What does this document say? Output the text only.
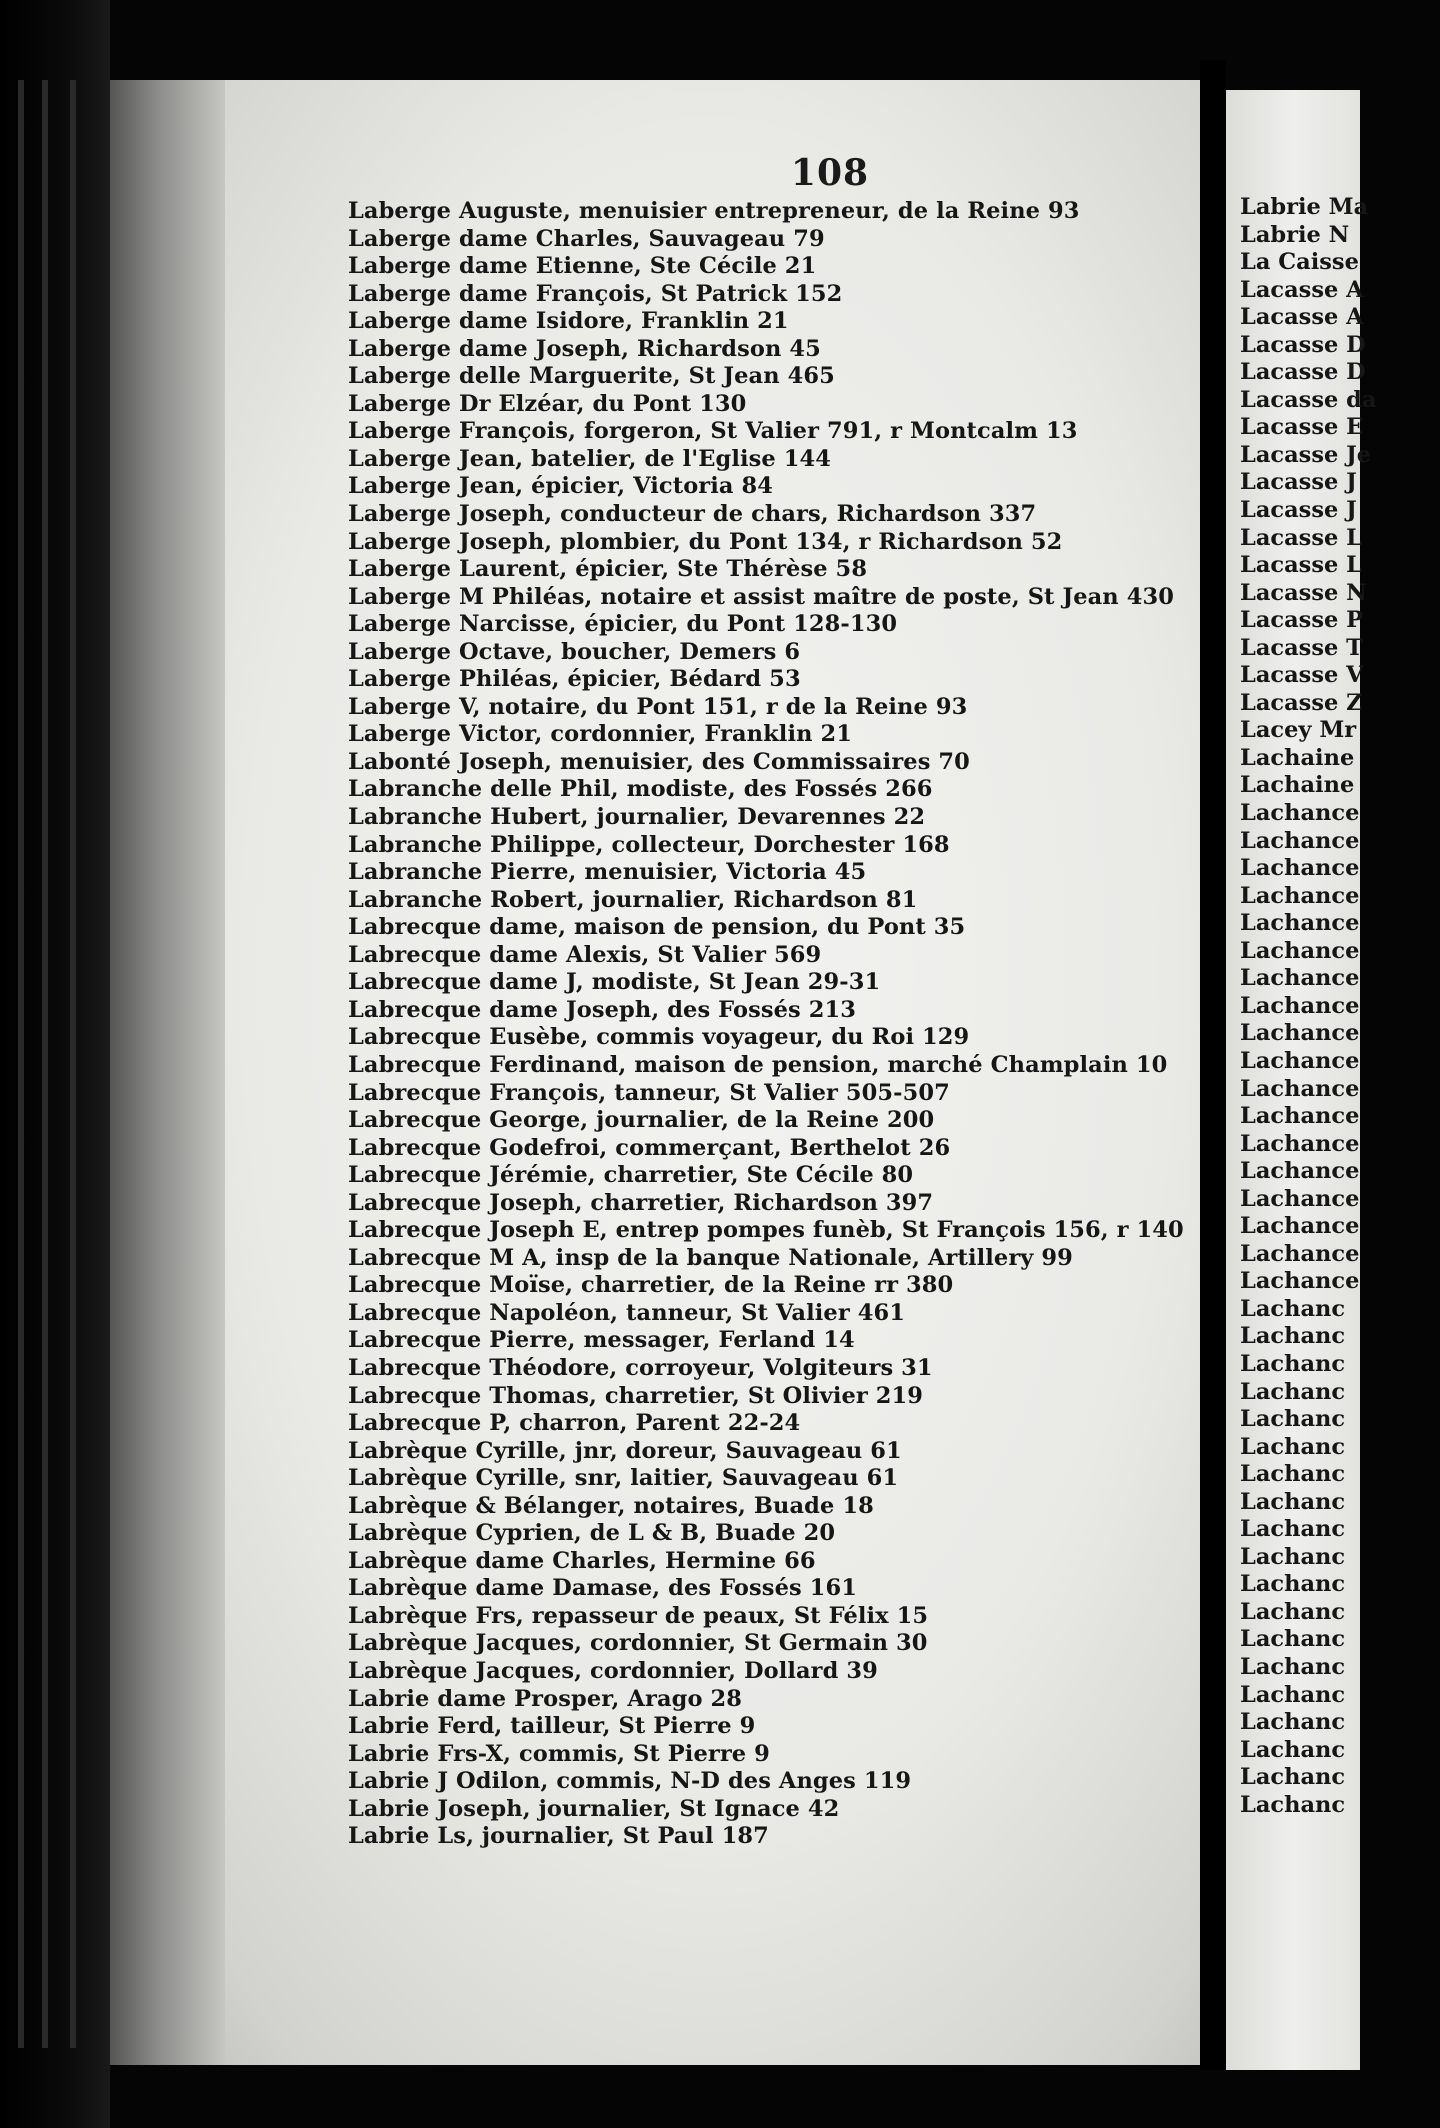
108
Laberge Auguste, menuisier entrepreneur, de la Reine 93
Laberge dame Charles, Sauvageau 79
Laberge dame Etienne, Ste Cécile 21
Laberge dame François, St Patrick 152
Laberge dame Isidore, Franklin 21
Laberge dame Joseph, Richardson 45
Laberge delle Marguerite, St Jean 465
Laberge Dr Elzéar, du Pont 130
Laberge François, forgeron, St Valier 791, r Montcalm 13
Laberge Jean, batelier, de l'Eglise 144
Laberge Jean, épicier, Victoria 84
Laberge Joseph, conducteur de chars, Richardson 337
Laberge Joseph, plombier, du Pont 134, r Richardson 52
Laberge Laurent, épicier, Ste Thérèse 58
Laberge M Philéas, notaire et assist maître de poste, St Jean 430
Laberge Narcisse, épicier, du Pont 128-130
Laberge Octave, boucher, Demers 6
Laberge Philéas, épicier, Bédard 53
Laberge V, notaire, du Pont 151, r de la Reine 93
Laberge Victor, cordonnier, Franklin 21
Labonté Joseph, menuisier, des Commissaires 70
Labranche delle Phil, modiste, des Fossés 266
Labranche Hubert, journalier, Devarennes 22
Labranche Philippe, collecteur, Dorchester 168
Labranche Pierre, menuisier, Victoria 45
Labranche Robert, journalier, Richardson 81
Labrecque dame, maison de pension, du Pont 35
Labrecque dame Alexis, St Valier 569
Labrecque dame J, modiste, St Jean 29-31
Labrecque dame Joseph, des Fossés 213
Labrecque Eusèbe, commis voyageur, du Roi 129
Labrecque Ferdinand, maison de pension, marché Champlain 10
Labrecque François, tanneur, St Valier 505-507
Labrecque George, journalier, de la Reine 200
Labrecque Godefroi, commerçant, Berthelot 26
Labrecque Jérémie, charretier, Ste Cécile 80
Labrecque Joseph, charretier, Richardson 397
Labrecque Joseph E, entrep pompes funèb, St François 156, r 140
Labrecque M A, insp de la banque Nationale, Artillery 99
Labrecque Moïse, charretier, de la Reine rr 380
Labrecque Napoléon, tanneur, St Valier 461
Labrecque Pierre, messager, Ferland 14
Labrecque Théodore, corroyeur, Volgiteurs 31
Labrecque Thomas, charretier, St Olivier 219
Labrecque P, charron, Parent 22-24
Labrèque Cyrille, jnr, doreur, Sauvageau 61
Labrèque Cyrille, snr, laitier, Sauvageau 61
Labrèque & Bélanger, notaires, Buade 18
Labrèque Cyprien, de L & B, Buade 20
Labrèque dame Charles, Hermine 66
Labrèque dame Damase, des Fossés 161
Labrèque Frs, repasseur de peaux, St Félix 15
Labrèque Jacques, cordonnier, St Germain 30
Labrèque Jacques, cordonnier, Dollard 39
Labrie dame Prosper, Arago 28
Labrie Ferd, tailleur, St Pierre 9
Labrie Frs-X, commis, St Pierre 9
Labrie J Odilon, commis, N-D des Anges 119
Labrie Joseph, journalier, St Ignace 42
Labrie Ls, journalier, St Paul 187
Labrie Ma
Labrie N
La Caisse
Lacasse A
Lacasse A
Lacasse D
Lacasse D
Lacasse da
Lacasse E
Lacasse Je
Lacasse J
Lacasse J
Lacasse L
Lacasse L
Lacasse N
Lacasse P
Lacasse T
Lacasse V
Lacasse Z
Lacey Mr
Lachaine
Lachaine
Lachance
Lachance
Lachance
Lachance
Lachance
Lachance
Lachance
Lachance
Lachance
Lachance
Lachance
Lachance
Lachance
Lachance
Lachance
Lachance
Lachance
Lachance
Lachanc
Lachanc
Lachanc
Lachanc
Lachanc
Lachanc
Lachanc
Lachanc
Lachanc
Lachanc
Lachanc
Lachanc
Lachanc
Lachanc
Lachanc
Lachanc
Lachanc
Lachanc
Lachanc
